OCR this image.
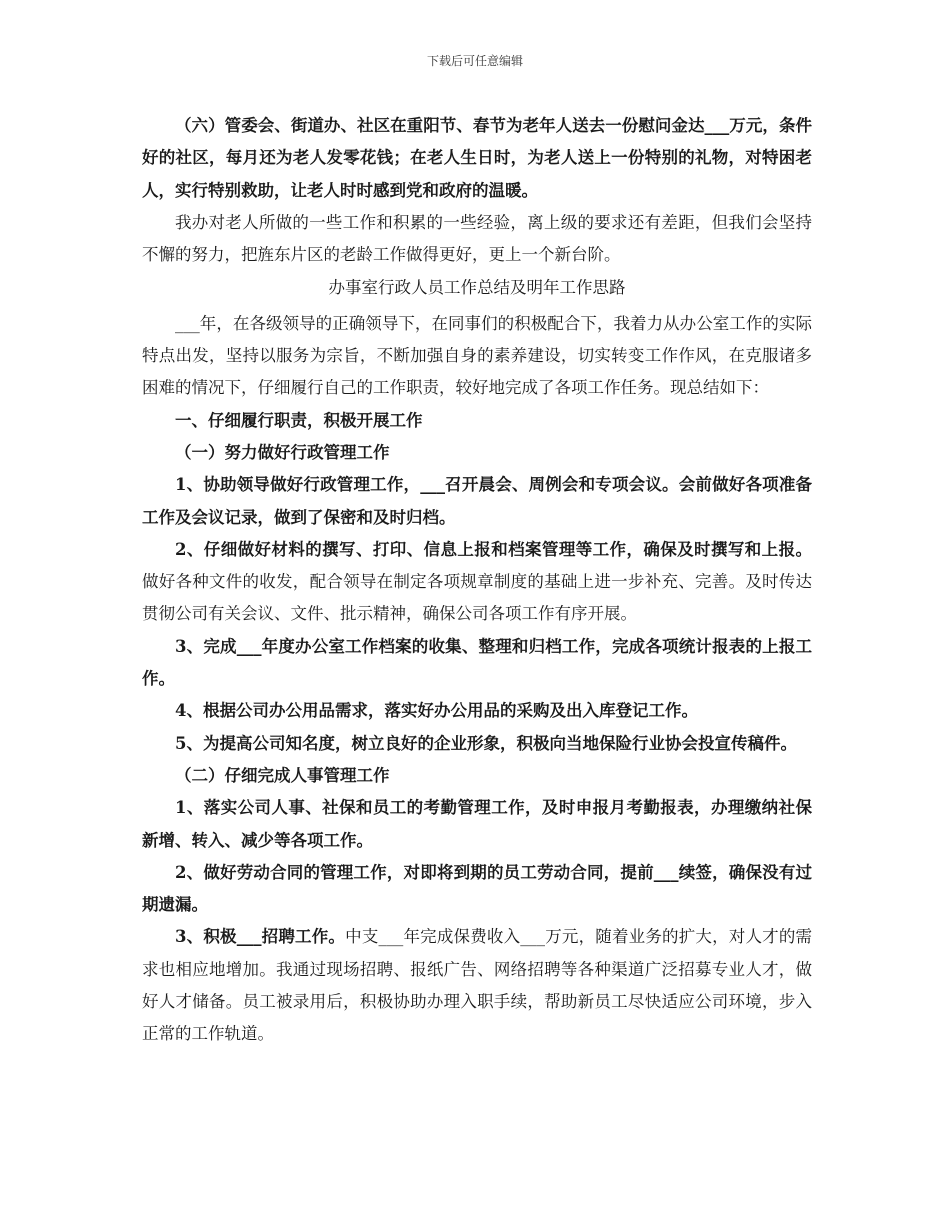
下载后可任意编辑

（六）管委会、街道办、社区在重阳节、春节为老年人送去一份慰问金达___万元，条件好的社区，每月还为老人发零花钱；在老人生日时，为老人送上一份特别的礼物，对特困老人，实行特别救助，让老人时时感到党和政府的温暖。

我办对老人所做的一些工作和积累的一些经验，离上级的要求还有差距，但我们会坚持不懈的努力，把旌东片区的老龄工作做得更好，更上一个新台阶。

办事室行政人员工作总结及明年工作思路

___年，在各级领导的正确领导下，在同事们的积极配合下，我着力从办公室工作的实际特点出发，坚持以服务为宗旨，不断加强自身的素养建设，切实转变工作作风，在克服诸多困难的情况下，仔细履行自己的工作职责，较好地完成了各项工作任务。现总结如下：

一、仔细履行职责，积极开展工作

（一）努力做好行政管理工作

1、协助领导做好行政管理工作，___召开晨会、周例会和专项会议。会前做好各项准备工作及会议记录，做到了保密和及时归档。

2、仔细做好材料的撰写、打印、信息上报和档案管理等工作，确保及时撰写和上报。做好各种文件的收发，配合领导在制定各项规章制度的基础上进一步补充、完善。及时传达贯彻公司有关会议、文件、批示精神，确保公司各项工作有序开展。

3、完成___年度办公室工作档案的收集、整理和归档工作，完成各项统计报表的上报工作。

4、根据公司办公用品需求，落实好办公用品的采购及出入库登记工作。

5、为提高公司知名度，树立良好的企业形象，积极向当地保险行业协会投宣传稿件。

（二）仔细完成人事管理工作

1、落实公司人事、社保和员工的考勤管理工作，及时申报月考勤报表，办理缴纳社保新增、转入、减少等各项工作。

2、做好劳动合同的管理工作，对即将到期的员工劳动合同，提前___续签，确保没有过期遗漏。

3、积极___招聘工作。中支___年完成保费收入___万元，随着业务的扩大，对人才的需求也相应地增加。我通过现场招聘、报纸广告、网络招聘等各种渠道广泛招募专业人才，做好人才储备。员工被录用后，积极协助办理入职手续，帮助新员工尽快适应公司环境，步入正常的工作轨道。
